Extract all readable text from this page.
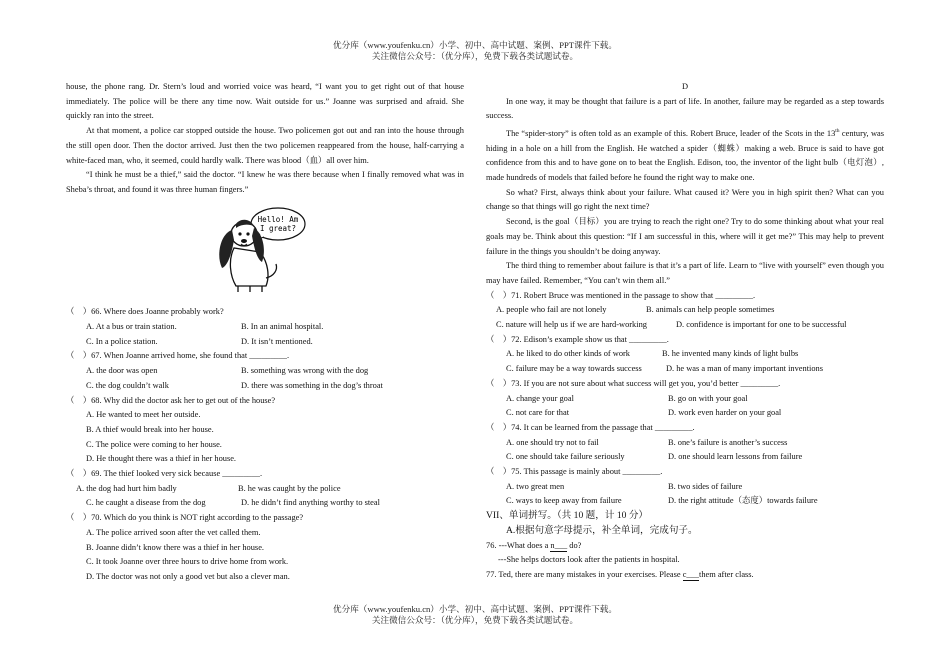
优分库（www.youfenku.cn）小学、初中、高中试题、案例、PPT课件下载。
关注微信公众号：（优分库），免费下载各类试题试卷。

house, the phone rang. Dr. Stern’s loud and worried voice was heard, “I want you to get right out of that house immediately. The police will be there any time now. Wait outside for us.” Joanne was surprised and afraid. She quickly ran into the street.

At that moment, a police car stopped outside the house. Two policemen got out and ran into the house through the still open door. Then the doctor arrived. Just then the two policemen reappeared from the house, half-carrying a white-faced man, who, it seemed, could hardly walk. There was blood（血）all over him.

“I think he must be a thief,” said the doctor. “I knew he was there because when I finally removed what was in Sheba’s throat, and found it was three human fingers.”

Hello! Am
I great?

（　）66. Where does Joanne probably work?

A. At a bus or train station.	B. In an animal hospital.

C. In a police station.	D. It isn’t mentioned.

（　）67. When Joanne arrived home, she found that _________.

A. the door was open	B. something was wrong with the dog

C. the dog couldn’t walk	D. there was something in the dog’s throat

（　）68. Why did the doctor ask her to get out of the house?

A. He wanted to meet her outside.

B. A thief would break into her house.

C. The police were coming to her house.

D. He thought there was a thief in her house.

（　）69. The thief looked very sick because _________.

A. the dog had hurt him badly	B. he was caught by the police

C. he caught a disease from the dog	D. he didn’t find anything worthy to steal

（　）70. Which do you think is NOT right according to the passage?

A. The police arrived soon after the vet called them.

B. Joanne didn’t know there was a thief in her house.

C. It took Joanne over three hours to drive home from work.

D. The doctor was not only a good vet but also a clever man.

D

In one way, it may be thought that failure is a part of life. In another, failure may be regarded as a step towards success.

The “spider-story” is often told as an example of this. Robert Bruce, leader of the Scots in the 13th century, was hiding in a hole on a hill from the English. He watched a spider（蜘蛛）making a web. Bruce is said to have got confidence from this and to have gone on to beat the English. Edison, too, the inventor of the light bulb（电灯泡）, made hundreds of models that failed before he found the right way to make one.

So what? First, always think about your failure. What caused it? Were you in high spirit then? What can you change so that things will go right the next time?

Second, is the goal（目标）you are trying to reach the right one? Try to do some thinking about what your real goals may be. Think about this question: “If I am successful in this, where will it get me?” This may help to prevent failure in the things you shouldn’t be doing anyway.

The third thing to remember about failure is that it’s a part of life. Learn to “live with yourself” even though you may have failed. Remember, “You can’t win them all.”

（　）71. Robert Bruce was mentioned in the passage to show that _________.

A. people who fail are not lonely	B. animals can help people sometimes

C. nature will help us if we are hard-working	D. confidence is important for one to be successful

（　）72. Edison’s example show us that _________.

A. he liked to do other kinds of work	B. he invented many kinds of light bulbs

C. failure may be a way towards success	D. he was a man of many important inventions

（　）73. If you are not sure about what success will get you, you’d better _________.

A. change your goal	B. go on with your goal

C. not care for that	D. work even harder on your goal

（　）74. It can be learned from the passage that _________.

A. one should try not to fail	B. one’s failure is another’s success

C. one should take failure seriously	D. one should learn lessons from failure

（　）75. This passage is mainly about _________.

A. two great men	B. two sides of failure

C. ways to keep away from failure	D. the right attitude（态度）towards failure

VII、单词拼写。（共 10 题，计 10 分）

A.根据句意字母提示，补全单词，完成句子。

76. ---What does a n___ do?

---She helps doctors look after the patients in hospital.

77. Ted, there are many mistakes in your exercises. Please c___them after class.

优分库（www.youfenku.cn）小学、初中、高中试题、案例、PPT课件下载。
关注微信公众号：（优分库），免费下载各类试题试卷。
